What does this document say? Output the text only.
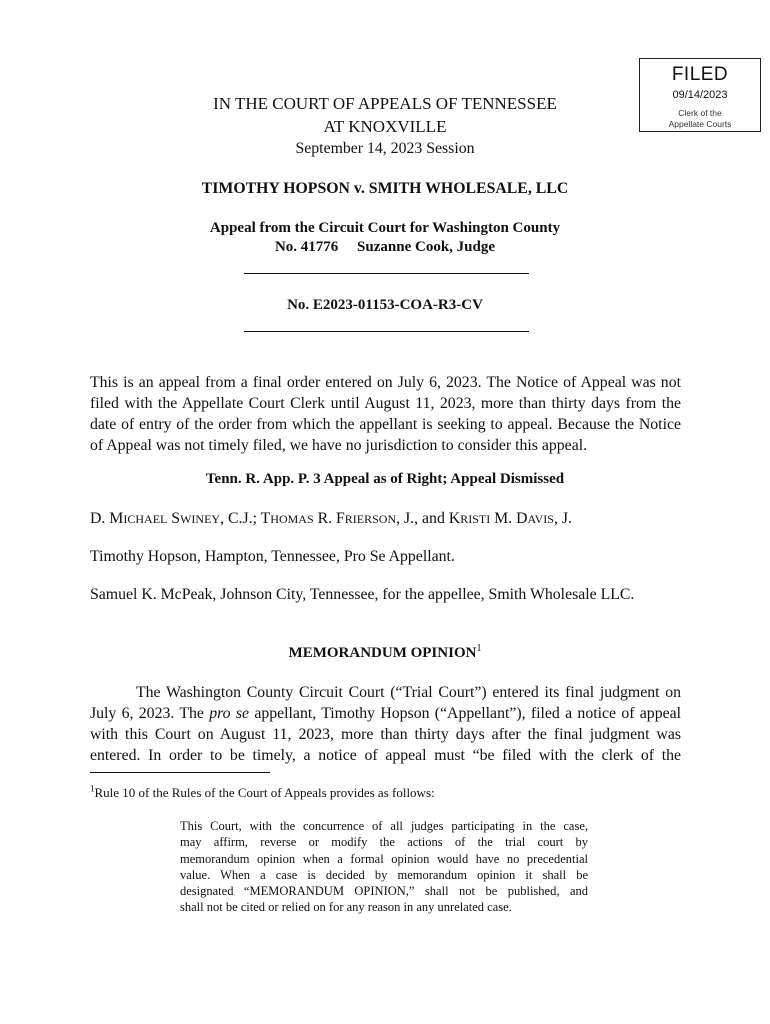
FILED
09/14/2023
Clerk of the
Appellate Courts
IN THE COURT OF APPEALS OF TENNESSEE
AT KNOXVILLE
September 14, 2023 Session
TIMOTHY HOPSON v. SMITH WHOLESALE, LLC
Appeal from the Circuit Court for Washington County
No. 41776     Suzanne Cook, Judge
No. E2023-01153-COA-R3-CV
This is an appeal from a final order entered on July 6, 2023. The Notice of Appeal was not
filed with the Appellate Court Clerk until August 11, 2023, more than thirty days from the
date of entry of the order from which the appellant is seeking to appeal. Because the Notice
of Appeal was not timely filed, we have no jurisdiction to consider this appeal.
Tenn. R. App. P. 3 Appeal as of Right; Appeal Dismissed
D. MICHAEL SWINEY, C.J.; THOMAS R. FRIERSON, J., and KRISTI M. DAVIS, J.
Timothy Hopson, Hampton, Tennessee, Pro Se Appellant.
Samuel K. McPeak, Johnson City, Tennessee, for the appellee, Smith Wholesale LLC.
MEMORANDUM OPINION$^1$
The Washington County Circuit Court (“Trial Court”) entered its final judgment on
July 6, 2023. The pro se appellant, Timothy Hopson (“Appellant”), filed a notice of appeal
with this Court on August 11, 2023, more than thirty days after the final judgment was
entered. In order to be timely, a notice of appeal must “be filed with the clerk of the
$^1$Rule 10 of the Rules of the Court of Appeals provides as follows:
This Court, with the concurrence of all judges participating in the case,
may affirm, reverse or modify the actions of the trial court by
memorandum opinion when a formal opinion would have no precedential
value. When a case is decided by memorandum opinion it shall be
designated “MEMORANDUM OPINION,” shall not be published, and
shall not be cited or relied on for any reason in any unrelated case.
